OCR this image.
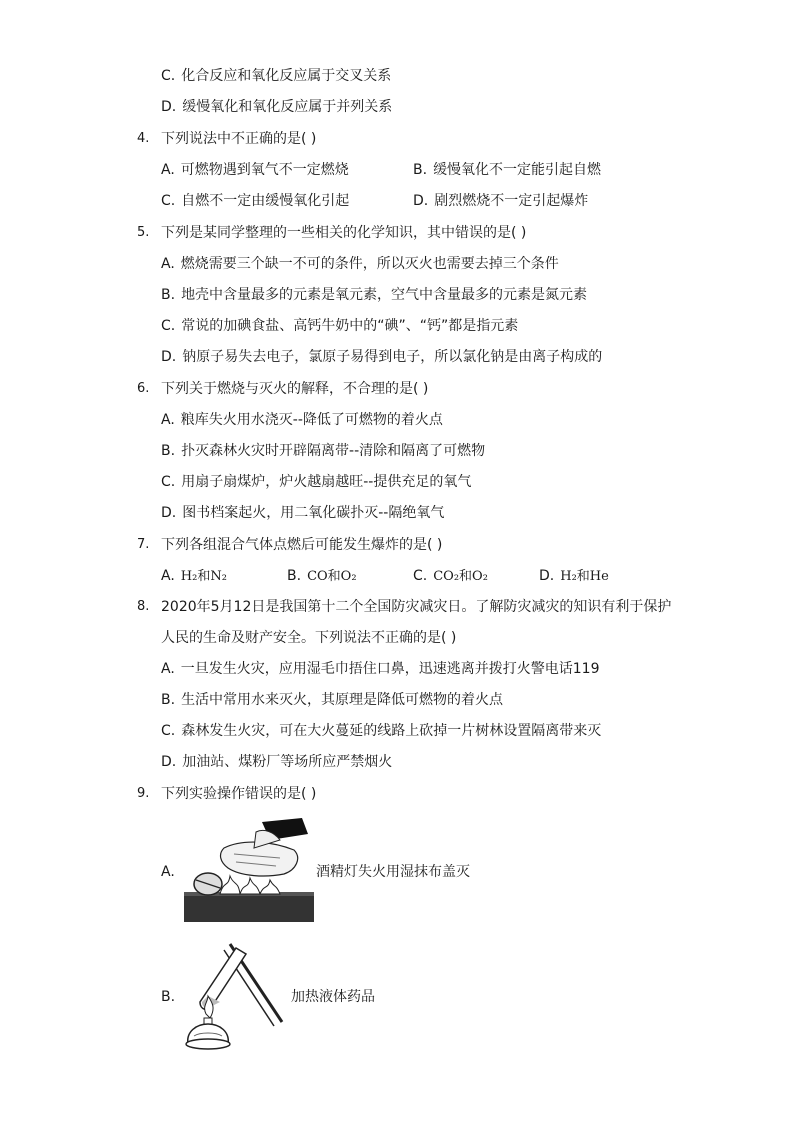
C. 化合反应和氧化反应属于交叉关系
D. 缓慢氧化和氧化反应属于并列关系
4. 下列说法中不正确的是( )
A. 可燃物遇到氧气不一定燃烧	B. 缓慢氧化不一定能引起自燃
C. 自燃不一定由缓慢氧化引起	D. 剧烈燃烧不一定引起爆炸
5. 下列是某同学整理的一些相关的化学知识，其中错误的是( )
A. 燃烧需要三个缺一不可的条件，所以灭火也需要去掉三个条件
B. 地壳中含量最多的元素是氧元素，空气中含量最多的元素是氮元素
C. 常说的加碘食盐、高钙牛奶中的“碘”、“钙”都是指元素
D. 钠原子易失去电子，氯原子易得到电子，所以氯化钠是由离子构成的
6. 下列关于燃烧与灭火的解释，不合理的是( )
A. 粮库失火用水浇灭--降低了可燃物的着火点
B. 扑灭森林火灾时开辟隔离带--清除和隔离了可燃物
C. 用扇子扇煤炉，炉火越扇越旺--提供充足的氧气
D. 图书档案起火，用二氧化碳扑灭--隔绝氧气
7. 下列各组混合气体点燃后可能发生爆炸的是( )
A. H₂和N₂	B. CO和O₂	C. CO₂和O₂	D. H₂和He
8. 2020年5月12日是我国第十二个全国防灾减灾日。了解防灾减灾的知识有利于保护
人民的生命及财产安全。下列说法不正确的是( )
A. 一旦发生火灾，应用湿毛巾捂住口鼻，迅速逃离并拨打火警电话119
B. 生活中常用水来灭火，其原理是降低可燃物的着火点
C. 森林发生火灾，可在大火蔓延的线路上砍掉一片树林设置隔离带来灭
D. 加油站、煤粉厂等场所应严禁烟火
9. 下列实验操作错误的是( )
A.	酒精灯失火用湿抹布盖灭
B.	加热液体药品
